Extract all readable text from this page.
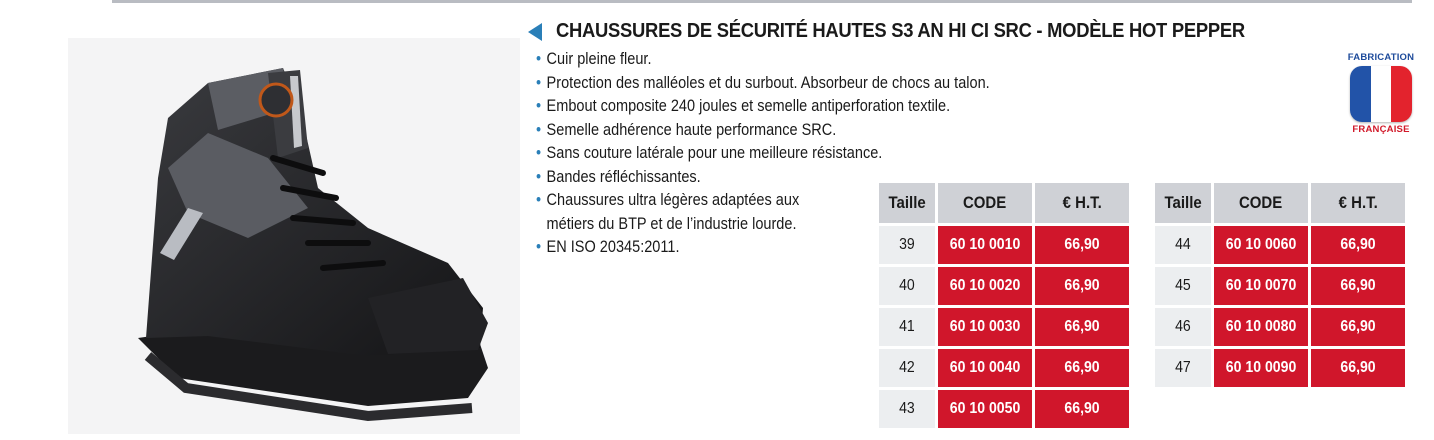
CHAUSSURES DE SÉCURITÉ HAUTES S3 AN HI CI SRC - MODÈLE HOT PEPPER
• Cuir pleine fleur.
• Protection des malléoles et du surbout. Absorbeur de chocs au talon.
• Embout composite 240 joules et semelle antiperforation textile.
• Semelle adhérence haute performance SRC.
• Sans couture latérale pour une meilleure résistance.
• Bandes réfléchissantes.
• Chaussures ultra légères adaptées aux
métiers du BTP et de l’industrie lourde.
• EN ISO 20345:2011.
FABRICATION
FRANÇAISE
Taille	CODE	€ H.T.
39	60 10 0010	66,90
40	60 10 0020	66,90
41	60 10 0030	66,90
42	60 10 0040	66,90
43	60 10 0050	66,90
Taille	CODE	€ H.T.
44	60 10 0060	66,90
45	60 10 0070	66,90
46	60 10 0080	66,90
47	60 10 0090	66,90
